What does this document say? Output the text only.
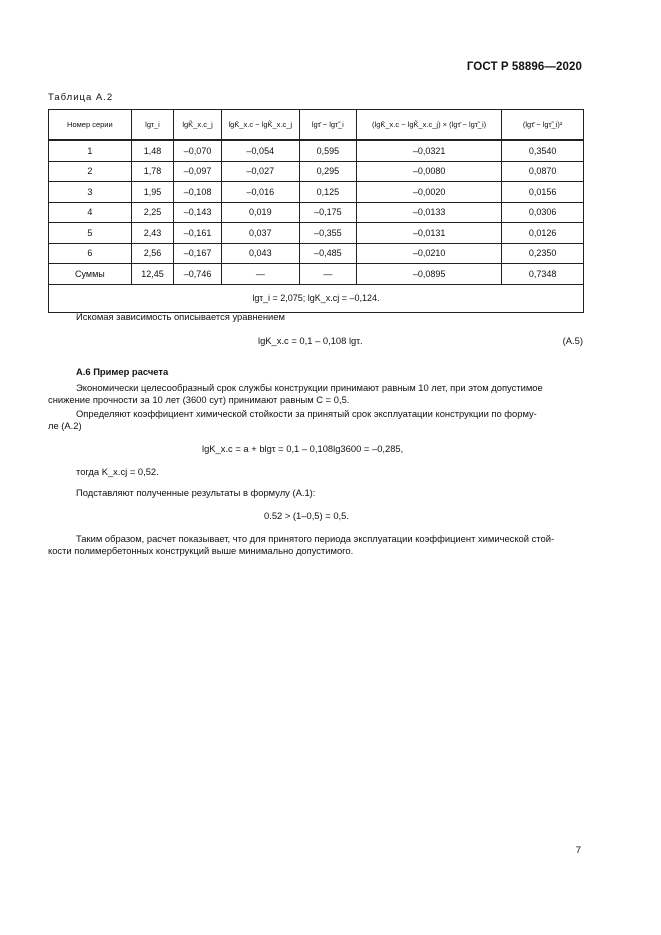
ГОСТ Р 58896—2020
Таблица А.2
Номер серии	lgτ_i	lgK̃_x.c_j	lgK̄_x.c − lgK̃_x.c_j	lgτ̄ − lgτ̃_i	(lgK̄_x.c − lgK̃_x.c_j) × (lgτ̄ − lgτ̃_i)	(lgτ̄ − lgτ̃_i)²
1	1,48	–0,070	–0,054	0,595	–0,0321	0,3540
2	1,78	–0,097	–0,027	0,295	–0,0080	0,0870
3	1,95	–0,108	–0,016	0,125	–0,0020	0,0156
4	2,25	–0,143	0,019	–0,175	–0,0133	0,0306
5	2,43	–0,161	0,037	–0,355	–0,0131	0,0126
6	2,56	–0,167	0,043	–0,485	–0,0210	0,2350
Суммы	12,45	–0,746	—	—	–0,0895	0,7348
lgτ_i = 2,075; lgK_x.cj = –0,124.						
Искомая зависимость описывается уравнением
lgK_x.c = 0,1 – 0,108 lgτ.	(А.5)
А.6 Пример расчета
Экономически целесообразный срок службы конструкции принимают равным 10 лет, при этом допустимое
снижение прочности за 10 лет (3600 сут) принимают равным С = 0,5.
Определяют коэффициент химической стойкости за принятый срок эксплуатации конструкции по форму-
ле (А.2)
lgK_x.c = a + blgτ = 0,1 – 0,108lg3600 = –0,285,
тогда K_x.cj = 0,52.
Подставляют полученные результаты в формулу (А.1):
0.52 > (1–0,5) = 0,5.
Таким образом, расчет показывает, что для принятого периода эксплуатации коэффициент химической стой-
кости полимербетонных конструкций выше минимально допустимого.
7
